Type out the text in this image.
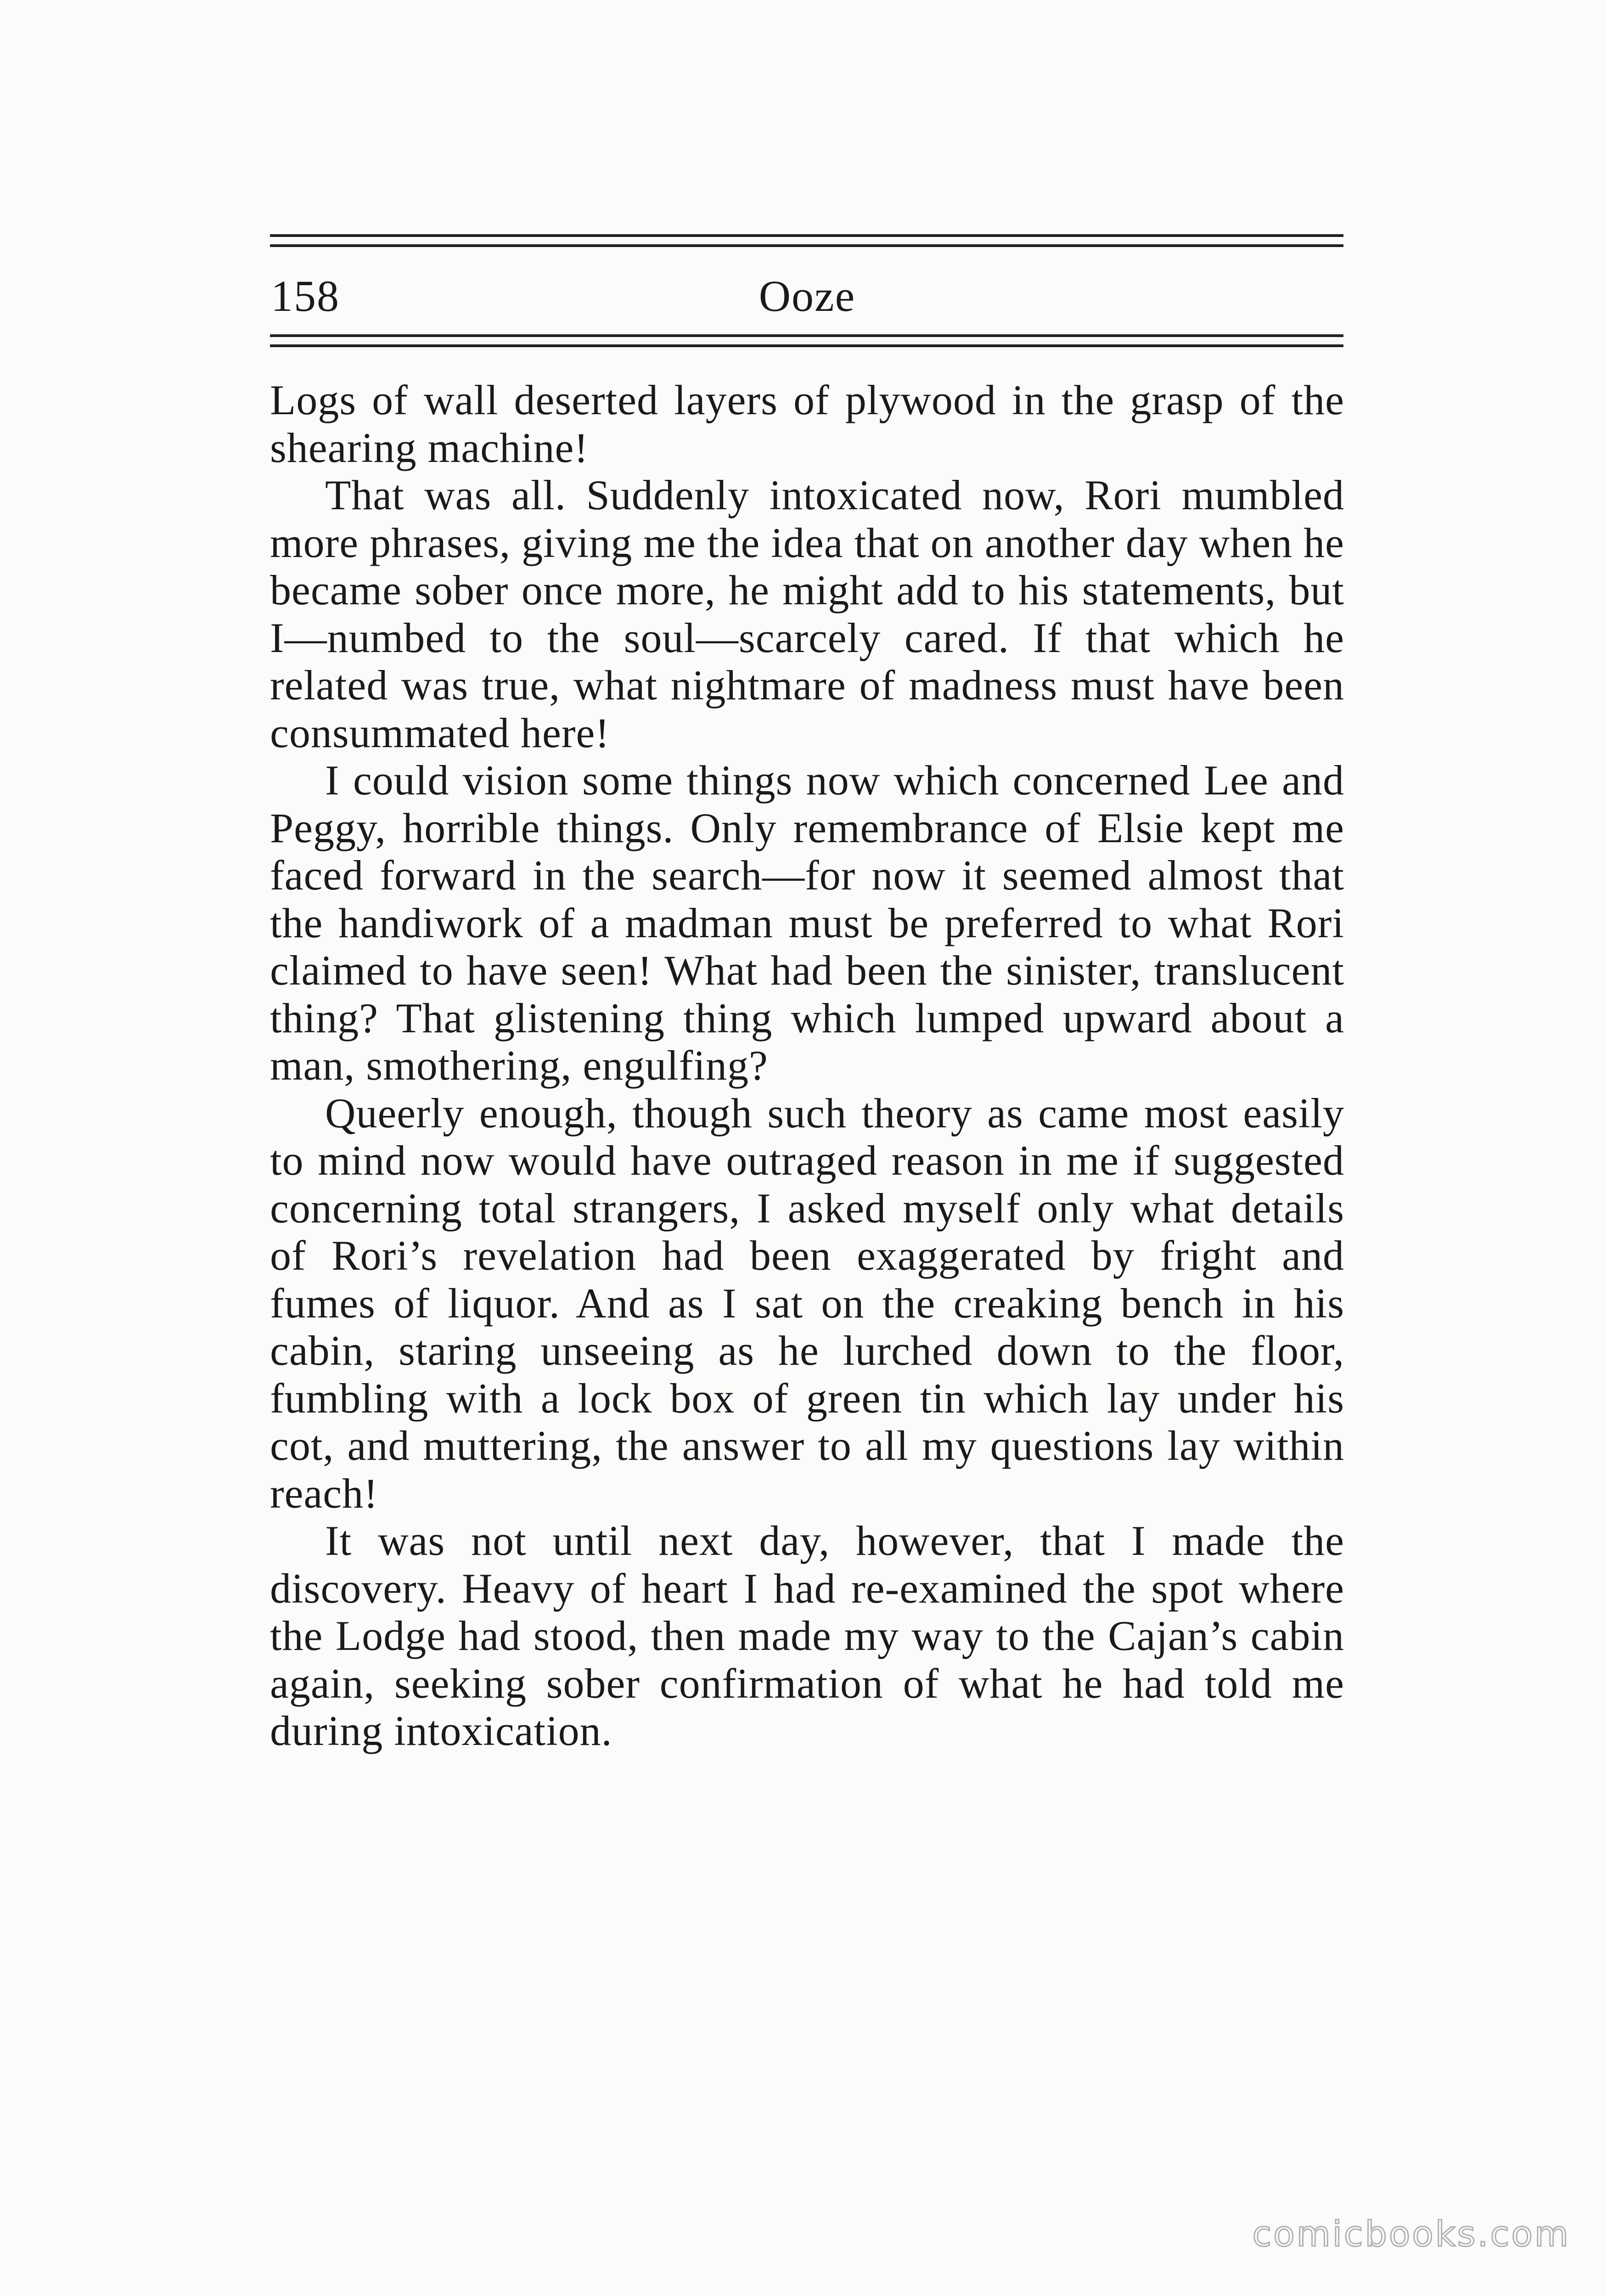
158	Ooze

Logs of wall deserted layers of plywood in the grasp of the shearing machine!

That was all. Suddenly intoxicated now, Rori mumbled more phrases, giving me the idea that on another day when he became sober once more, he might add to his statements, but I—numbed to the soul—scarcely cared. If that which he related was true, what nightmare of madness must have been consummated here!

I could vision some things now which concerned Lee and Peggy, horrible things. Only remembrance of Elsie kept me faced forward in the search—for now it seemed almost that the handiwork of a madman must be preferred to what Rori claimed to have seen! What had been the sinister, translucent thing? That glistening thing which lumped upward about a man, smothering, engulfing?

Queerly enough, though such theory as came most easily to mind now would have outraged reason in me if suggested concerning total strangers, I asked myself only what details of Rori’s revelation had been exaggerated by fright and fumes of liquor. And as I sat on the creaking bench in his cabin, staring unseeing as he lurched down to the floor, fumbling with a lock box of green tin which lay under his cot, and muttering, the answer to all my questions lay within reach!

It was not until next day, however, that I made the discovery. Heavy of heart I had re-examined the spot where the Lodge had stood, then made my way to the Cajan’s cabin again, seeking sober confirmation of what he had told me during intoxication.

comicbooks.com
